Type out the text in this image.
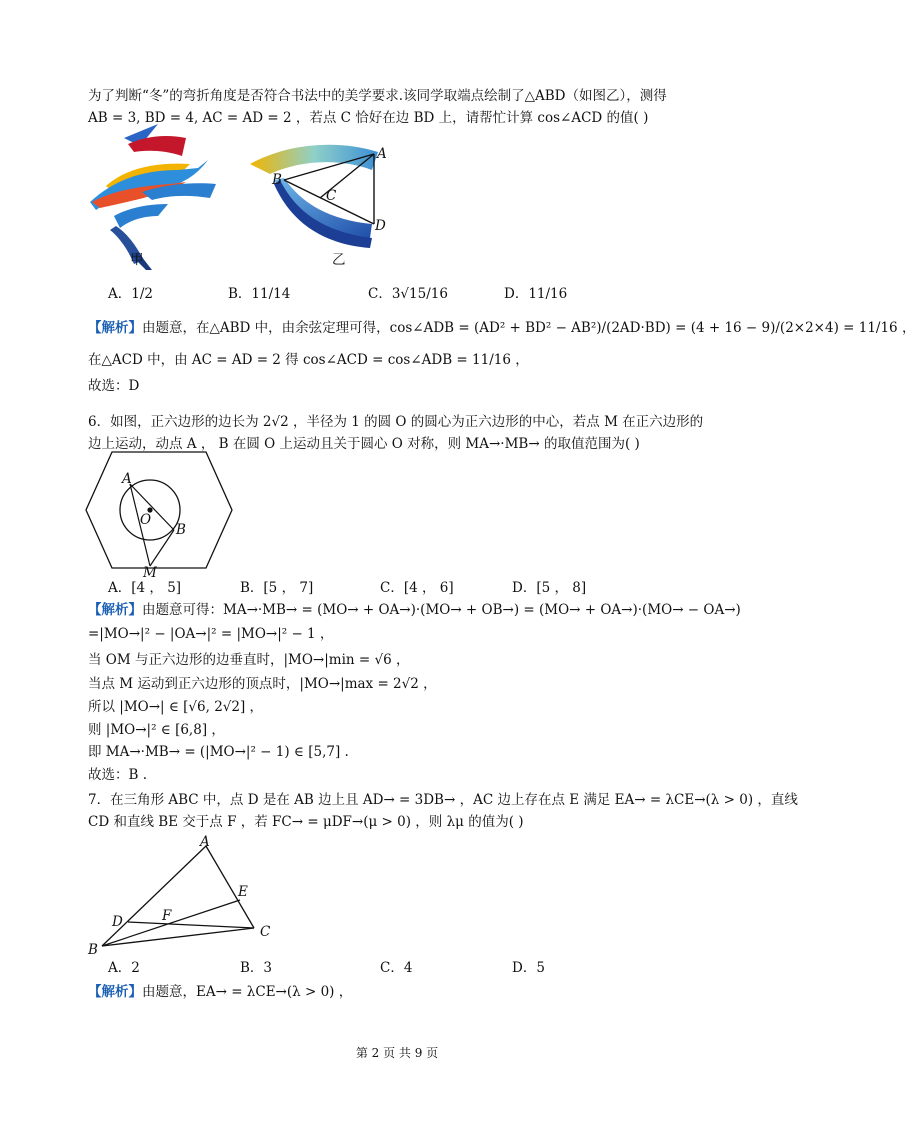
为了判断“冬”的弯折角度是否符合书法中的美学要求.该同学取端点绘制了△ABD（如图乙），测得
AB = 3, BD = 4, AC = AD = 2 ，若点 C 恰好在边 BD 上，请帮忙计算 cos∠ACD 的值( )
甲
A
B
C
D
乙
A．1/2	B．11/14	C．3√15/16	D．11/16
【解析】由题意，在△ABD 中，由余弦定理可得，cos∠ADB = (AD² + BD² − AB²)/(2AD·BD) = (4 + 16 − 9)/(2×2×4) = 11/16 ，
在△ACD 中，由 AC = AD = 2 得 cos∠ACD = cos∠ADB = 11/16 ，
故选：D
6．如图，正六边形的边长为 2√2 ，半径为 1 的圆 O 的圆心为正六边形的中心，若点 M 在正六边形的
边上运动，动点 A ， B 在圆 O 上运动且关于圆心 O 对称，则 MA→·MB→ 的取值范围为( )
A
O
B
M
A．[4 ， 5]	B．[5 ， 7]	C．[4 ， 6]	D．[5 ， 8]
【解析】由题意可得：MA→·MB→ = (MO→ + OA→)·(MO→ + OB→) = (MO→ + OA→)·(MO→ − OA→)
=|MO→|² − |OA→|² = |MO→|² − 1 ，
当 OM 与正六边形的边垂直时，|MO→|min = √6 ，
当点 M 运动到正六边形的顶点时，|MO→|max = 2√2 ，
所以 |MO→| ∈ [√6, 2√2] ，
则 |MO→|² ∈ [6,8] ，
即 MA→·MB→ = (|MO→|² − 1) ∈ [5,7] .
故选：B .
7．在三角形 ABC 中，点 D 是在 AB 边上且 AD→ = 3DB→ ，AC 边上存在点 E 满足 EA→ = λCE→(λ > 0) ，直线
CD 和直线 BE 交于点 F ，若 FC→ = μDF→(μ > 0) ，则 λμ 的值为( )
A
B
C
D
E
F
A．2	B．3	C．4	D．5
【解析】由题意，EA→ = λCE→(λ > 0) ，
第 2 页 共 9 页
